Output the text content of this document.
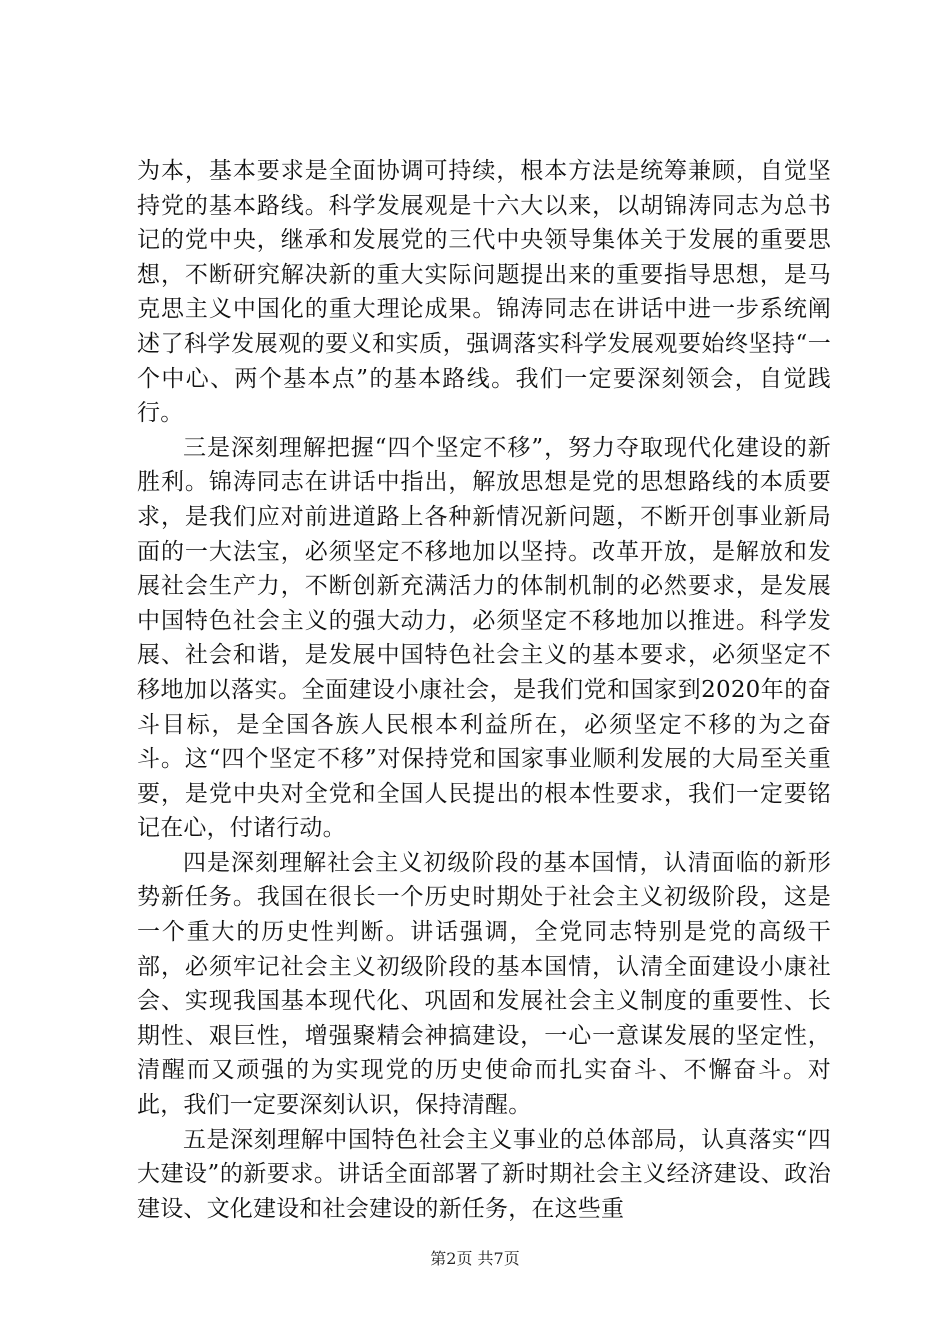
为本，基本要求是全面协调可持续，根本方法是统筹兼顾，自觉坚持党的基本路线。科学发展观是十六大以来，以胡锦涛同志为总书记的党中央，继承和发展党的三代中央领导集体关于发展的重要思想，不断研究解决新的重大实际问题提出来的重要指导思想，是马克思主义中国化的重大理论成果。锦涛同志在讲话中进一步系统阐述了科学发展观的要义和实质，强调落实科学发展观要始终坚持“一个中心、两个基本点”的基本路线。我们一定要深刻领会，自觉践行。

三是深刻理解把握“四个坚定不移”，努力夺取现代化建设的新胜利。锦涛同志在讲话中指出，解放思想是党的思想路线的本质要求，是我们应对前进道路上各种新情况新问题，不断开创事业新局面的一大法宝，必须坚定不移地加以坚持。改革开放，是解放和发展社会生产力，不断创新充满活力的体制机制的必然要求，是发展中国特色社会主义的强大动力，必须坚定不移地加以推进。科学发展、社会和谐，是发展中国特色社会主义的基本要求，必须坚定不移地加以落实。全面建设小康社会，是我们党和国家到2020年的奋斗目标，是全国各族人民根本利益所在，必须坚定不移的为之奋斗。这“四个坚定不移”对保持党和国家事业顺利发展的大局至关重要，是党中央对全党和全国人民提出的根本性要求，我们一定要铭记在心，付诸行动。

四是深刻理解社会主义初级阶段的基本国情，认清面临的新形势新任务。我国在很长一个历史时期处于社会主义初级阶段，这是一个重大的历史性判断。讲话强调，全党同志特别是党的高级干部，必须牢记社会主义初级阶段的基本国情，认清全面建设小康社会、实现我国基本现代化、巩固和发展社会主义制度的重要性、长期性、艰巨性，增强聚精会神搞建设，一心一意谋发展的坚定性，清醒而又顽强的为实现党的历史使命而扎实奋斗、不懈奋斗。对此，我们一定要深刻认识，保持清醒。

五是深刻理解中国特色社会主义事业的总体部局，认真落实“四大建设”的新要求。讲话全面部署了新时期社会主义经济建设、政治建设、文化建设和社会建设的新任务，在这些重

第2页 共7页
